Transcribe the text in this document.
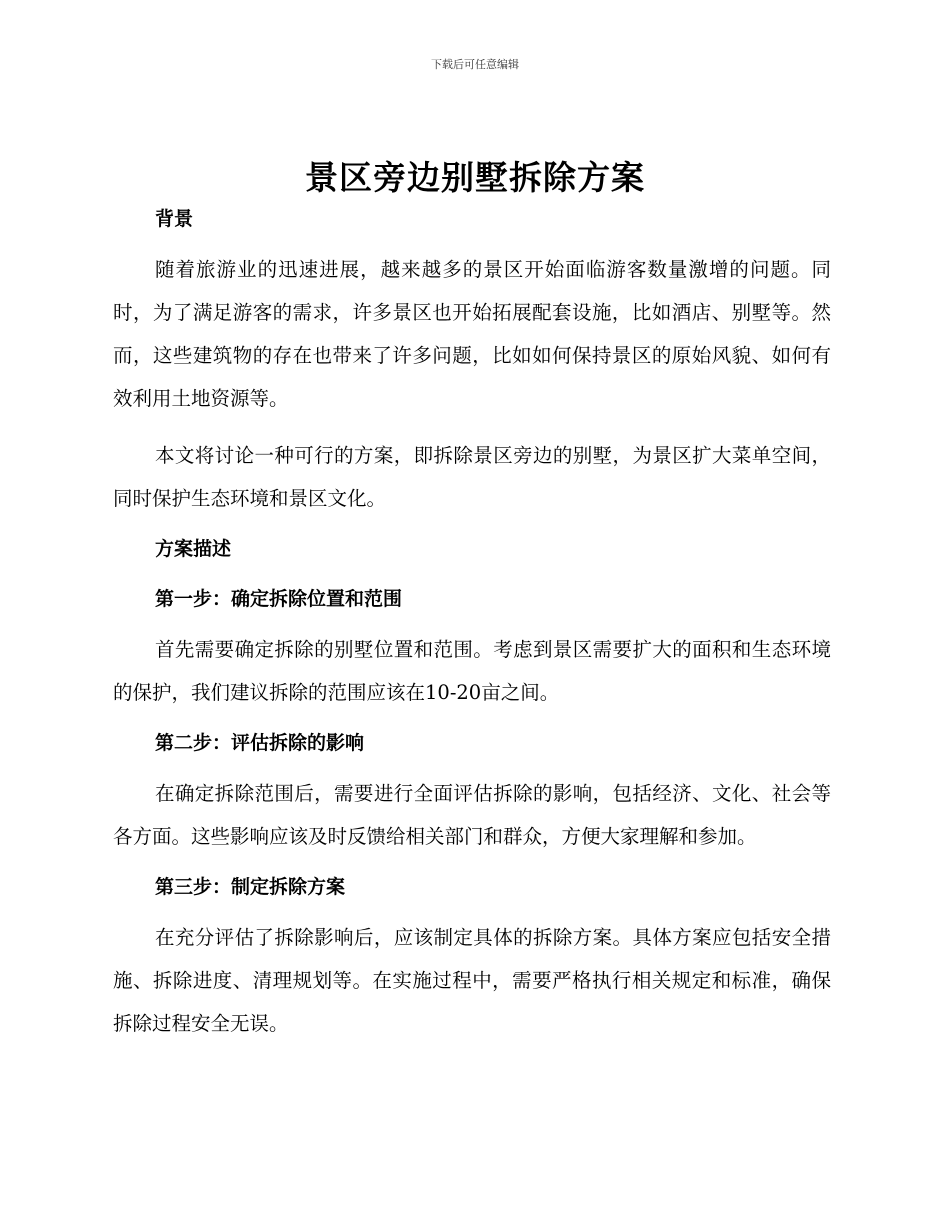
下载后可任意编辑
景区旁边别墅拆除方案
背景

随着旅游业的迅速进展，越来越多的景区开始面临游客数量激增的问题。同时，为了满足游客的需求，许多景区也开始拓展配套设施，比如酒店、别墅等。然而，这些建筑物的存在也带来了许多问题，比如如何保持景区的原始风貌、如何有效利用土地资源等。

本文将讨论一种可行的方案，即拆除景区旁边的别墅，为景区扩大菜单空间，同时保护生态环境和景区文化。

方案描述
第一步：确定拆除位置和范围

首先需要确定拆除的别墅位置和范围。考虑到景区需要扩大的面积和生态环境的保护，我们建议拆除的范围应该在10-20亩之间。

第二步：评估拆除的影响

在确定拆除范围后，需要进行全面评估拆除的影响，包括经济、文化、社会等各方面。这些影响应该及时反馈给相关部门和群众，方便大家理解和参加。

第三步：制定拆除方案

在充分评估了拆除影响后，应该制定具体的拆除方案。具体方案应包括安全措施、拆除进度、清理规划等。在实施过程中，需要严格执行相关规定和标准，确保拆除过程安全无误。
